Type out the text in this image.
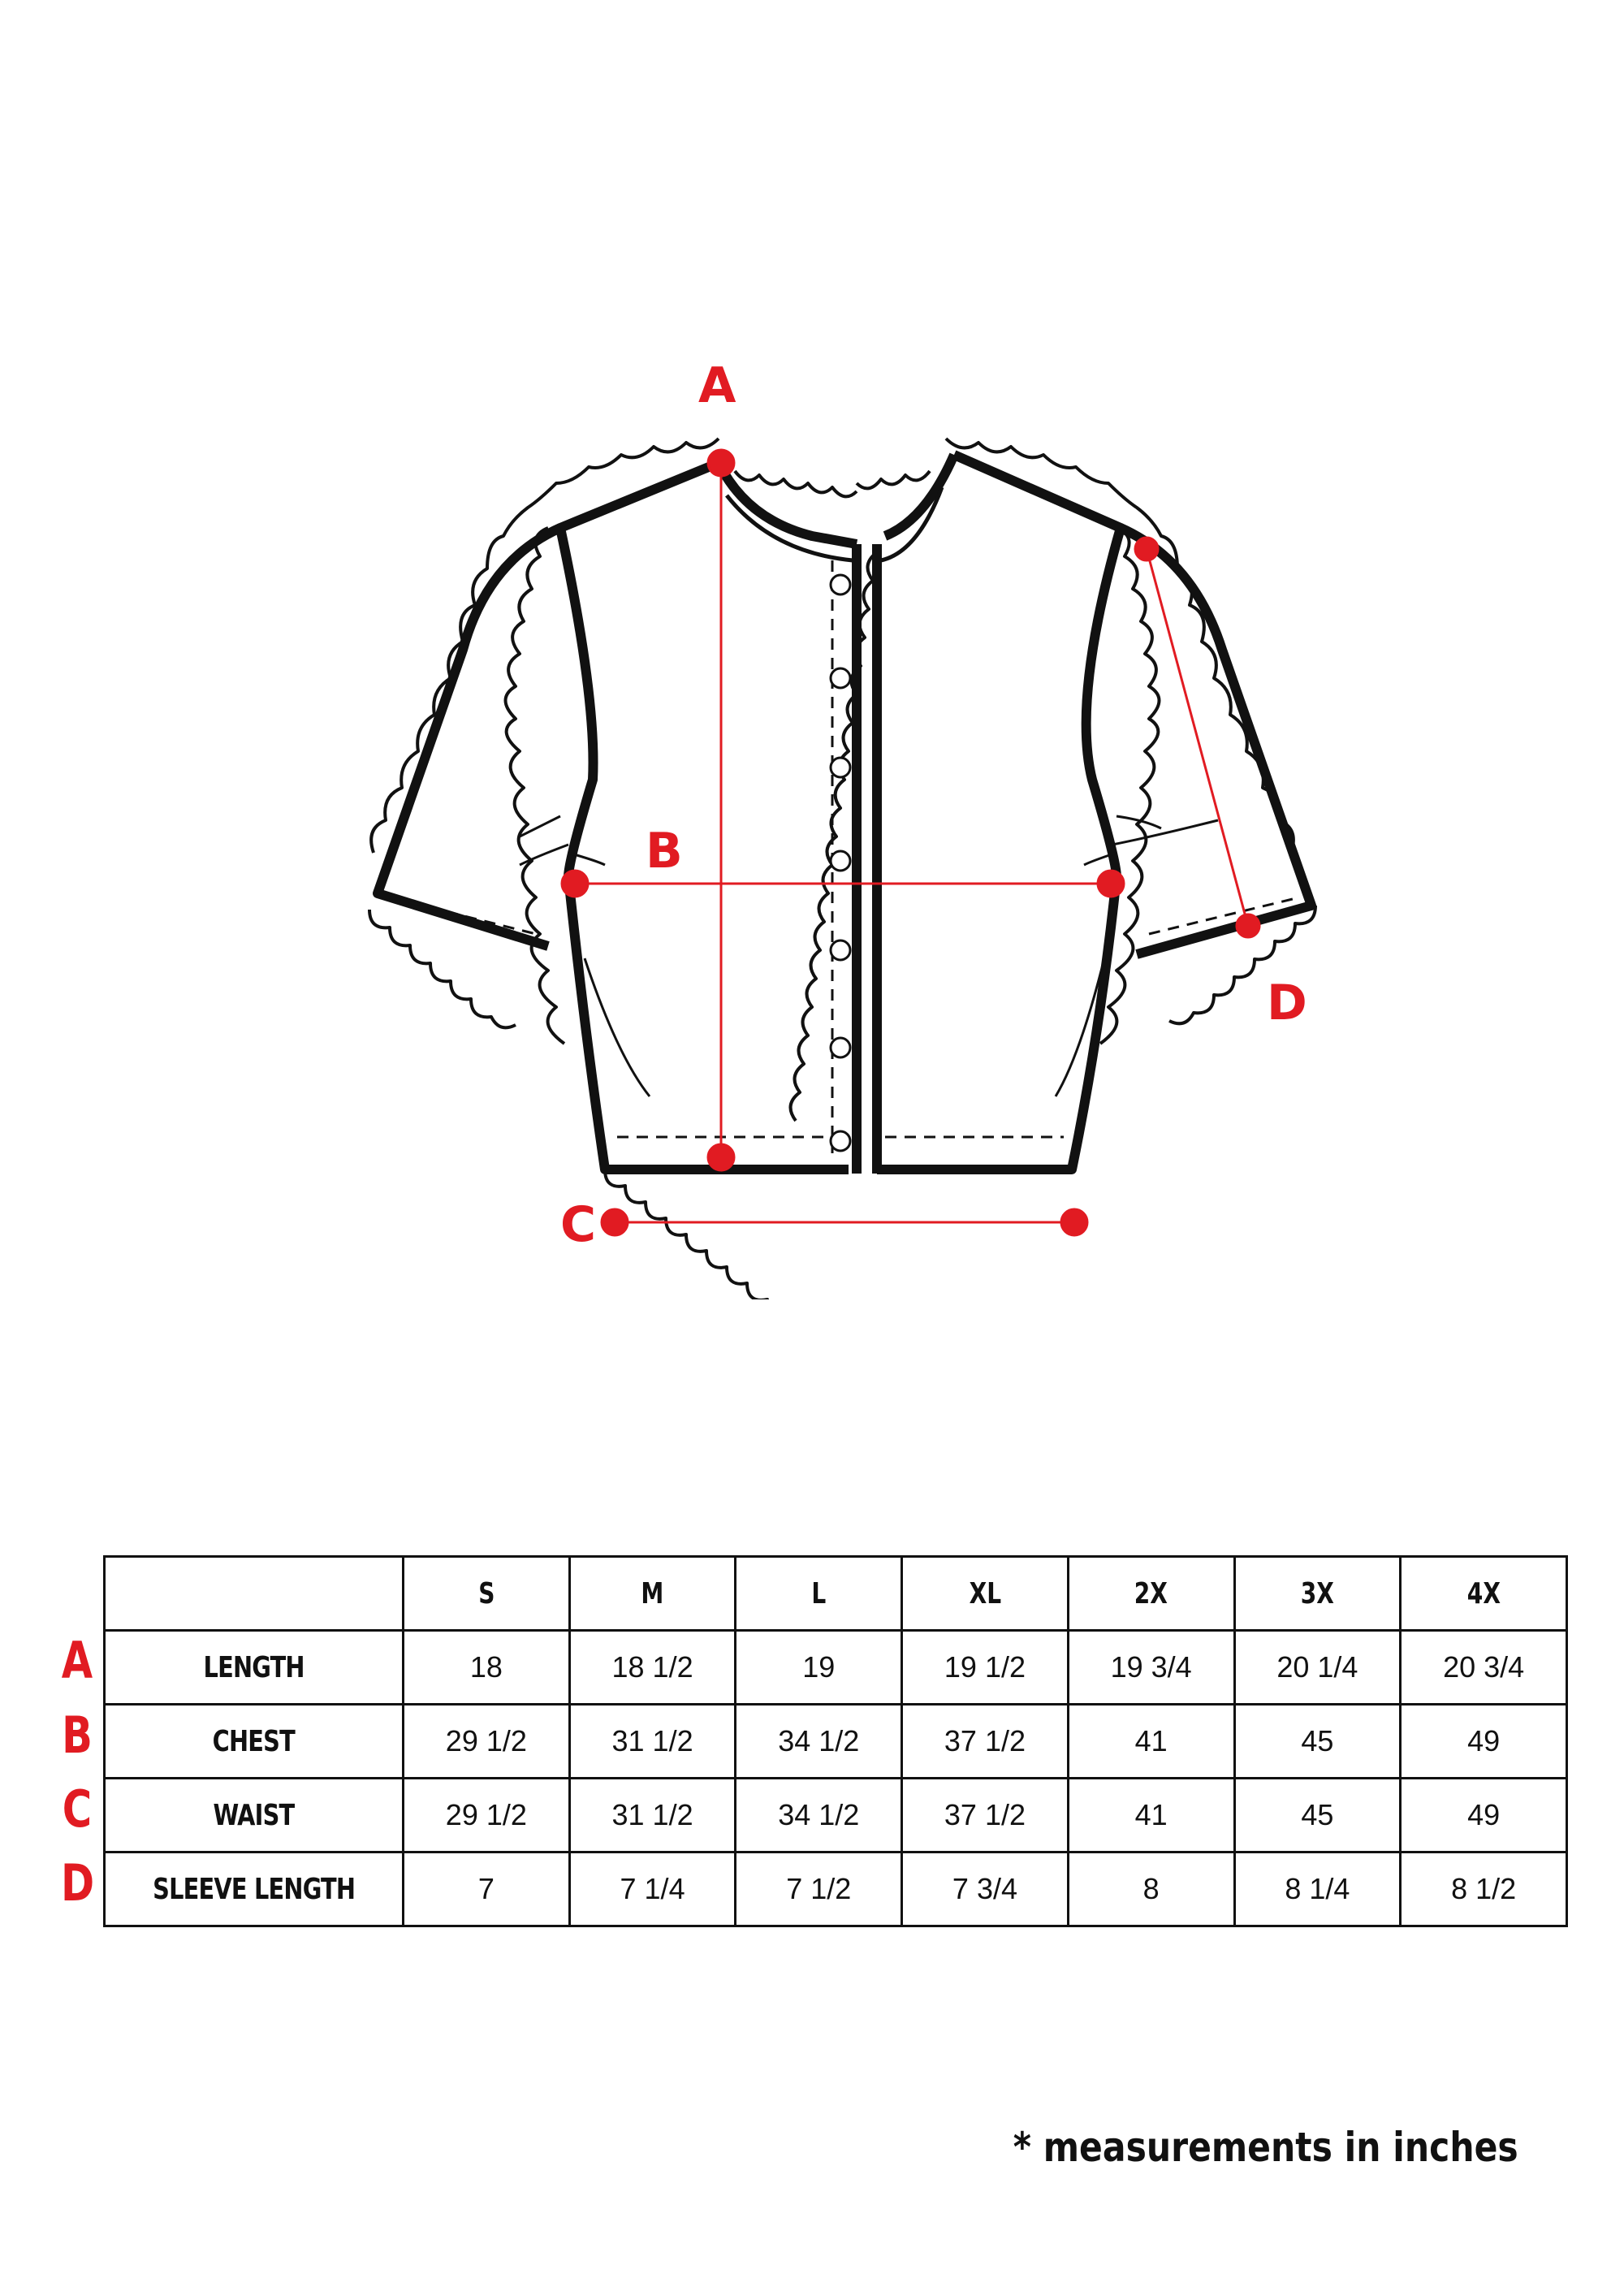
A
B
C
D
A
B
C
D
	S	M	L	XL	2X	3X	4X
LENGTH	18	18 1/2	19	19 1/2	19 3/4	20 1/4	20 3/4
CHEST	29 1/2	31 1/2	34 1/2	37 1/2	41	45	49
WAIST	29 1/2	31 1/2	34 1/2	37 1/2	41	45	49
SLEEVE LENGTH	7	7 1/4	7 1/2	7 3/4	8	8 1/4	8 1/2
* measurements in inches
